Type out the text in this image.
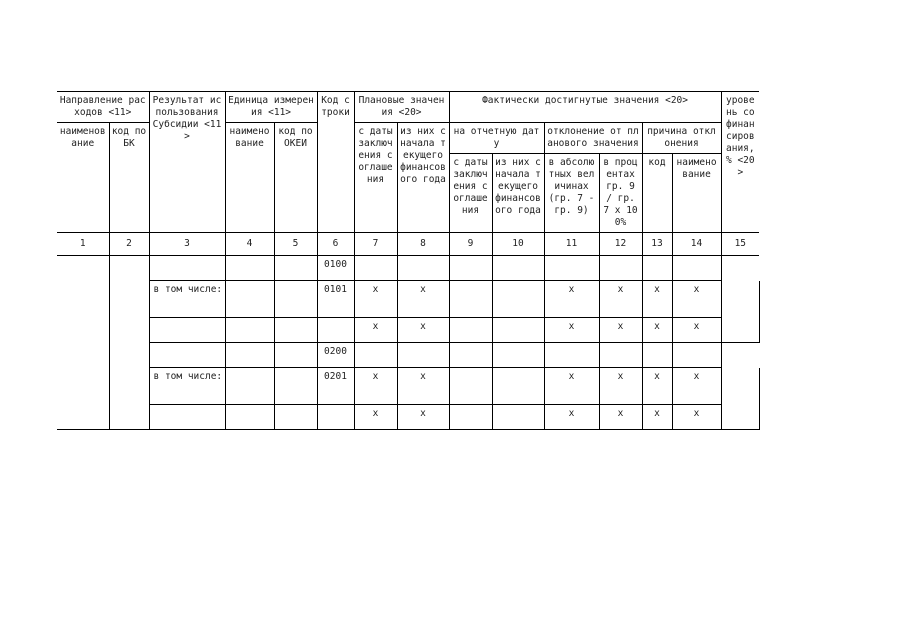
Направление расходов <11>		Результат использования Субсидии <11>	Единица измерения <11>		Код строки	Плановые значения <20>		Фактически достигнутые значения <20>						уровень софинансирования, % <20>
наименование	код по БК		наименование	код по ОКЕИ		с даты заключения соглашения	из них с начала текущего финансового года	на отчетную дату		отклонение от планового значения		причина отклонения		
								с даты заключения соглашения	из них с начала текущего финансового года	в абсолютных величинах (гр. 7 - гр. 9)	в процентах гр. 9 / гр. 7 x 100%	код	наименование	
1	2	3	4	5	6	7	8	9	10	11	12	13	14	15
					0100									
		в том числе:			0101	x	x			x	x	x	x	
						x	x			x	x	x	x	
					0200									
		в том числе:			0201	x	x			x	x	x	x	
						x	x			x	x	x	x	
